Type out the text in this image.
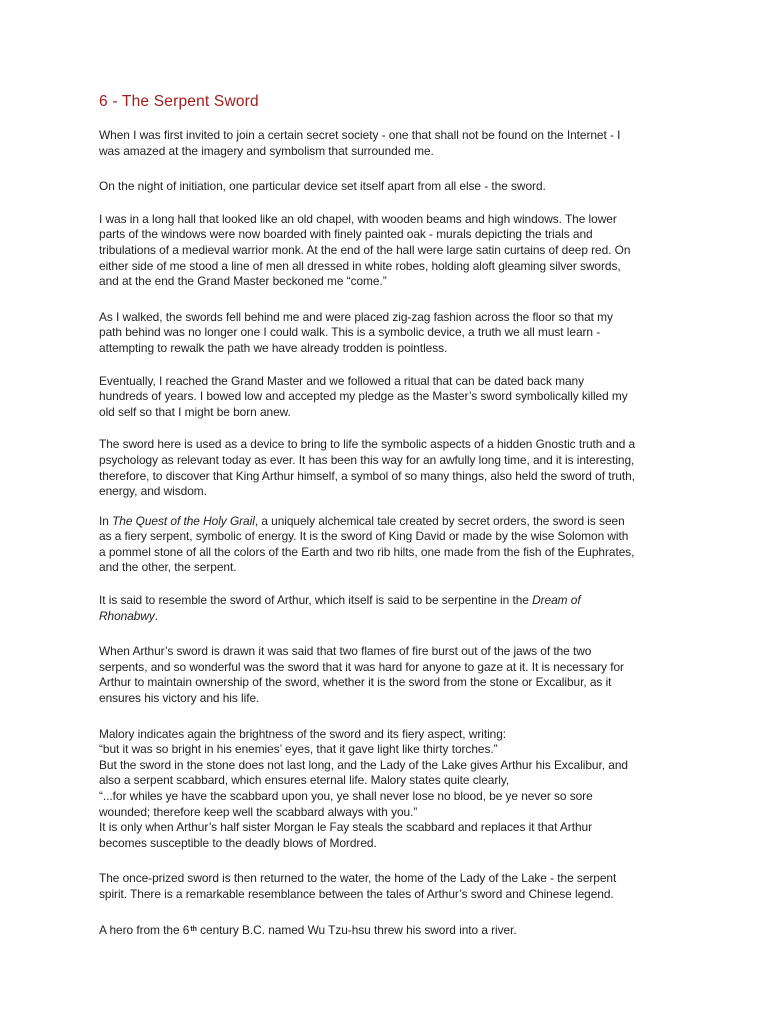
6 - The Serpent Sword

When I was first invited to join a certain secret society - one that shall not be found on the Internet - I
was amazed at the imagery and symbolism that surrounded me.

On the night of initiation, one particular device set itself apart from all else - the sword.

I was in a long hall that looked like an old chapel, with wooden beams and high windows. The lower
parts of the windows were now boarded with finely painted oak - murals depicting the trials and
tribulations of a medieval warrior monk. At the end of the hall were large satin curtains of deep red. On
either side of me stood a line of men all dressed in white robes, holding aloft gleaming silver swords,
and at the end the Grand Master beckoned me “come.”

As I walked, the swords fell behind me and were placed zig-zag fashion across the floor so that my
path behind was no longer one I could walk. This is a symbolic device, a truth we all must learn -
attempting to rewalk the path we have already trodden is pointless.

Eventually, I reached the Grand Master and we followed a ritual that can be dated back many
hundreds of years. I bowed low and accepted my pledge as the Master’s sword symbolically killed my
old self so that I might be born anew.

The sword here is used as a device to bring to life the symbolic aspects of a hidden Gnostic truth and a
psychology as relevant today as ever. It has been this way for an awfully long time, and it is interesting,
therefore, to discover that King Arthur himself, a symbol of so many things, also held the sword of truth,
energy, and wisdom.

In The Quest of the Holy Grail, a uniquely alchemical tale created by secret orders, the sword is seen
as a fiery serpent, symbolic of energy. It is the sword of King David or made by the wise Solomon with
a pommel stone of all the colors of the Earth and two rib hilts, one made from the fish of the Euphrates,
and the other, the serpent.

It is said to resemble the sword of Arthur, which itself is said to be serpentine in the Dream of
Rhonabwy.

When Arthur’s sword is drawn it was said that two flames of fire burst out of the jaws of the two
serpents, and so wonderful was the sword that it was hard for anyone to gaze at it. It is necessary for
Arthur to maintain ownership of the sword, whether it is the sword from the stone or Excalibur, as it
ensures his victory and his life.

Malory indicates again the brightness of the sword and its fiery aspect, writing:
“but it was so bright in his enemies’ eyes, that it gave light like thirty torches.”
But the sword in the stone does not last long, and the Lady of the Lake gives Arthur his Excalibur, and
also a serpent scabbard, which ensures eternal life. Malory states quite clearly,
“...for whiles ye have the scabbard upon you, ye shall never lose no blood, be ye never so sore
wounded; therefore keep well the scabbard always with you.”
It is only when Arthur’s half sister Morgan le Fay steals the scabbard and replaces it that Arthur
becomes susceptible to the deadly blows of Mordred.

The once-prized sword is then returned to the water, the home of the Lady of the Lake - the serpent
spirit. There is a remarkable resemblance between the tales of Arthur’s sword and Chinese legend.

A hero from the 6th century B.C. named Wu Tzu-hsu threw his sword into a river.
